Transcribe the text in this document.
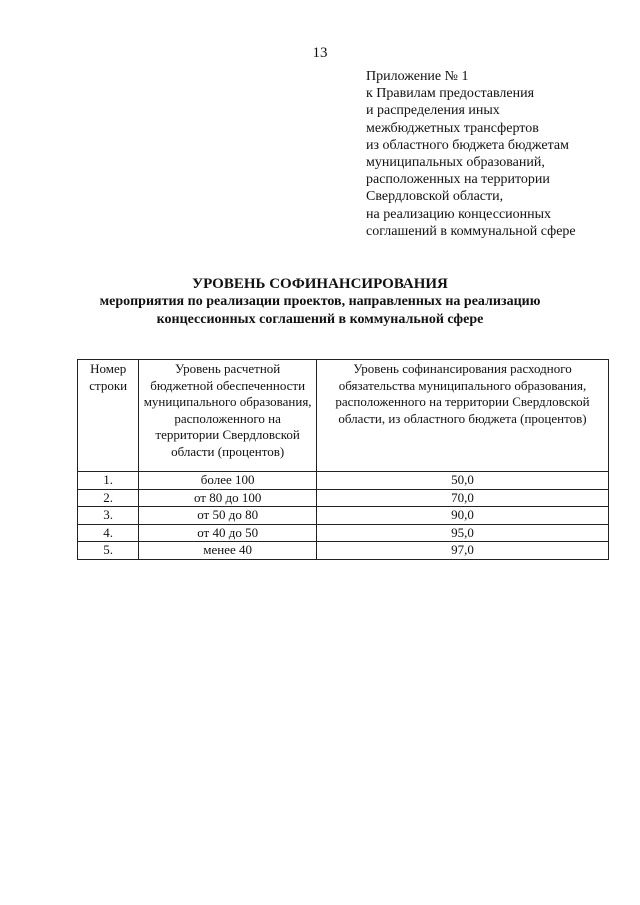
13
Приложение № 1
к Правилам предоставления
и распределения иных
межбюджетных трансфертов
из областного бюджета бюджетам
муниципальных образований,
расположенных на территории
Свердловской области,
на реализацию концессионных
соглашений в коммунальной сфере
УРОВЕНЬ СОФИНАНСИРОВАНИЯ
мероприятия по реализации проектов, направленных на реализацию
концессионных соглашений в коммунальной сфере
Номер строки	Уровень расчетной бюджетной обеспеченности муниципального образования, расположенного на территории Свердловской области (процентов)	Уровень софинансирования расходного обязательства муниципального образования, расположенного на территории Свердловской области, из областного бюджета (процентов)
1.	более 100	50,0
2.	от 80 до 100	70,0
3.	от 50 до 80	90,0
4.	от 40 до 50	95,0
5.	менее 40	97,0
